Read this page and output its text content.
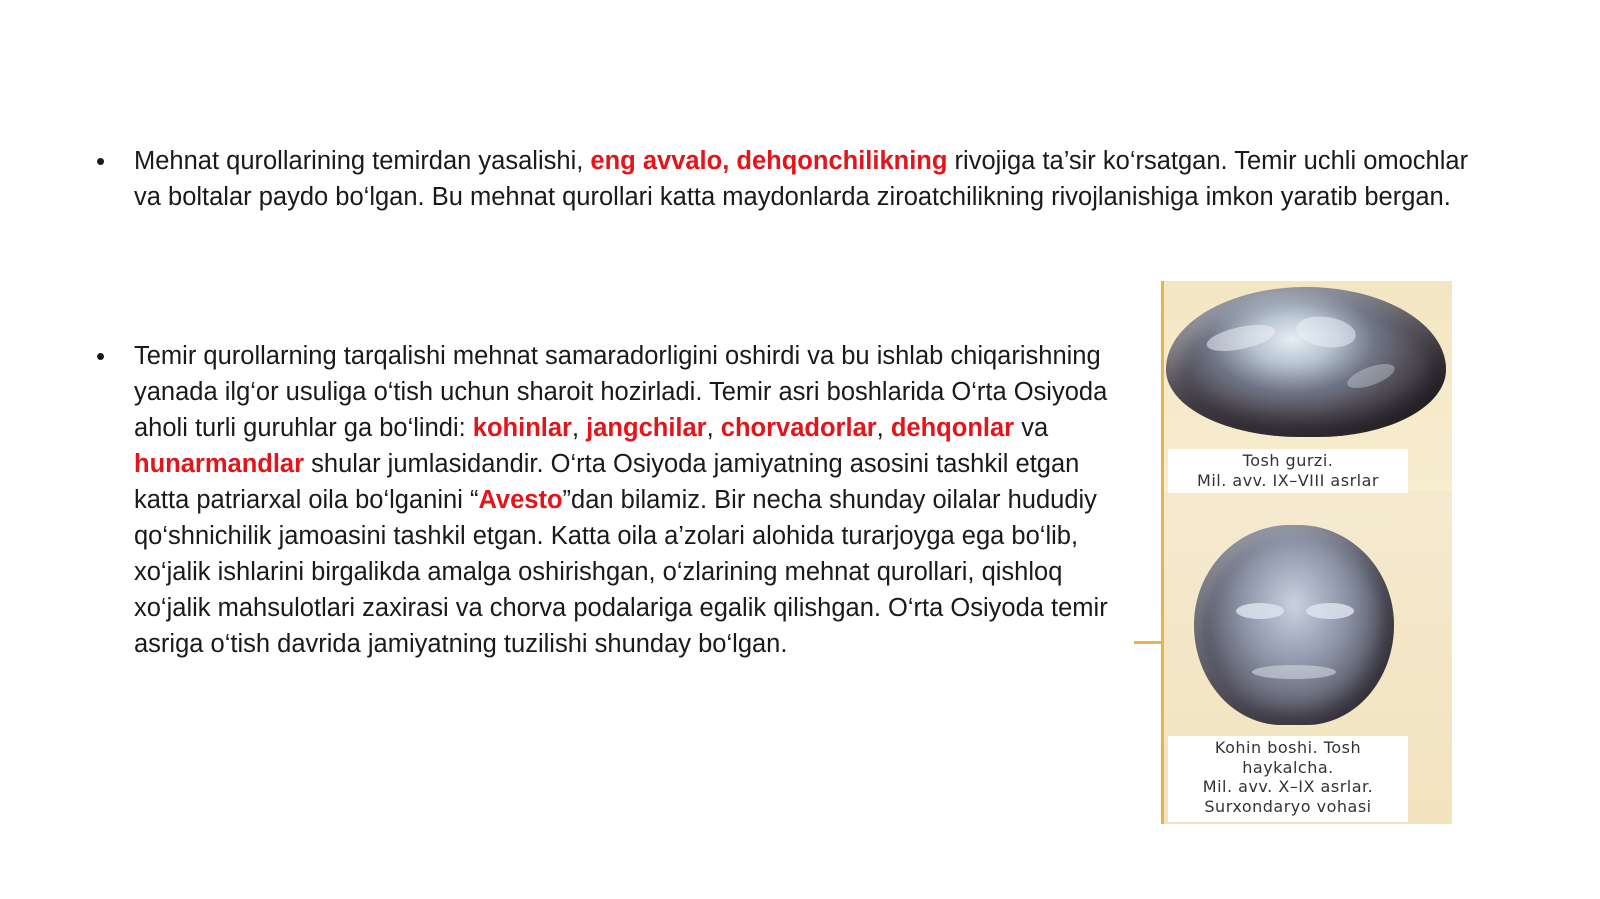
•	Mehnat qurollarining temirdan yasalishi, eng avvalo, dehqonchilikning rivojiga ta’sir ko‘rsatgan. Temir uchli omochlar va boltalar paydo bo‘lgan. Bu mehnat qurollari katta maydonlarda ziroatchilikning rivojlanishiga imkon yaratib bergan.
•	Temir qurollarning tarqalishi mehnat samaradorligini oshirdi va bu ishlab chiqarishning yanada ilg‘or usuliga o‘tish uchun sharoit hozirladi. Temir asri boshlarida O‘rta Osiyoda aholi turli guruhlar ga bo‘lindi: kohinlar, jangchilar, chorvadorlar, dehqonlar va hunarmandlar shular jumlasidandir. O‘rta Osiyoda jamiyatning asosini tashkil etgan katta patriarxal oila bo‘lganini “Avesto”dan bilamiz. Bir necha shunday oilalar hududiy qo‘shnichilik jamoasini tashkil etgan. Katta oila a’zolari alohida turarjoyga ega bo‘lib, xo‘jalik ishlarini birgalikda amalga oshirishgan, o‘zlarining mehnat qurollari, qishloq xo‘jalik mahsulotlari zaxirasi va chorva podalariga egalik qilishgan. O‘rta Osiyoda temir asriga o‘tish davrida jamiyatning tuzilishi shunday bo‘lgan.
Tosh gurzi.
Mil. avv. IX–VIII asrlar
Kohin boshi. Tosh
haykalcha.
Mil. avv. X–IX asrlar.
Surxondaryo vohasi
